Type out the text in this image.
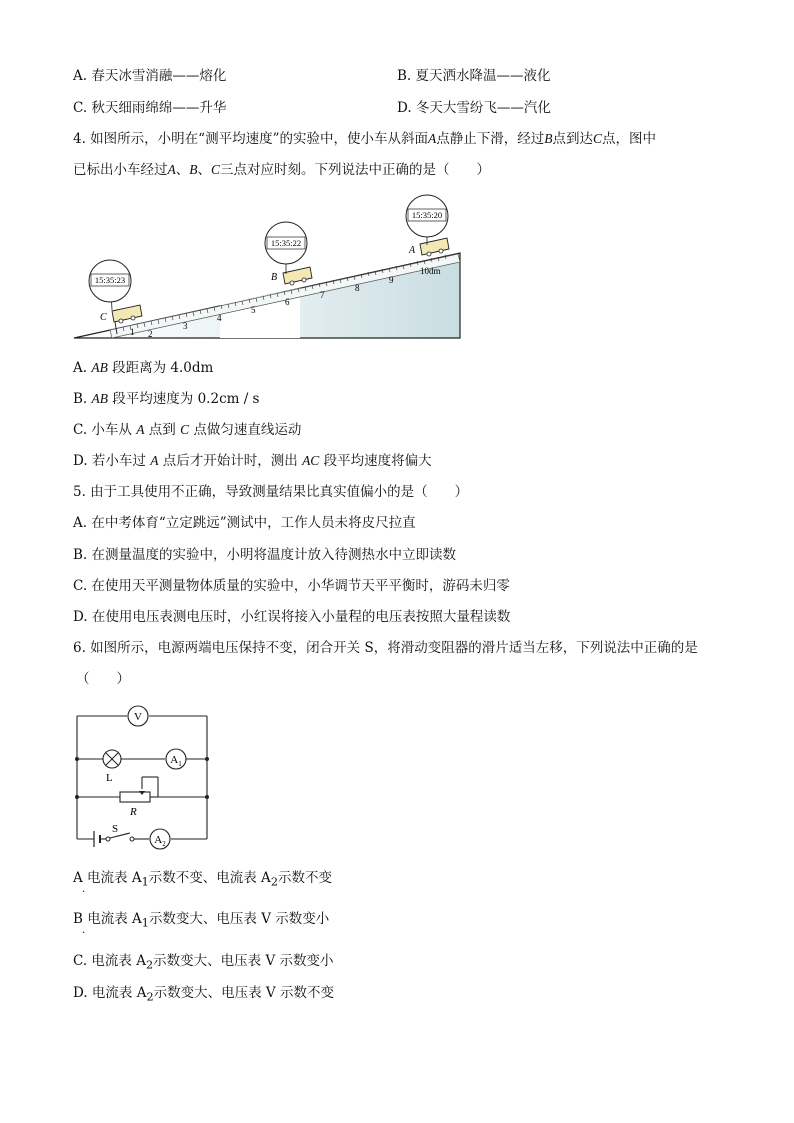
A. 春天冰雪消融——熔化	B. 夏天洒水降温——液化
C. 秋天细雨绵绵——升华	D. 冬天大雪纷飞——汽化
4. 如图所示，小明在“测平均速度”的实验中，使小车从斜面A点静止下滑，经过B点到达C点，图中
已标出小车经过A、B、C三点对应时刻。下列说法中正确的是（　　）
1 2
3
4
5
6
7
8
9
10dm
C
15:35:23	B
15:35:22
A
15:35:20
A. AB 段距离为 4.0dm
B. AB 段平均速度为 0.2cm / s
C. 小车从 A 点到 C 点做匀速直线运动
D. 若小车过 A 点后才开始计时，测出 AC 段平均速度将偏大
5. 由于工具使用不正确，导致测量结果比真实值偏小的是（　　）
A. 在中考体育“立定跳远”测试中，工作人员未将皮尺拉直
B. 在测量温度的实验中，小明将温度计放入待测热水中立即读数
C. 在使用天平测量物体质量的实验中，小华调节天平平衡时，游码未归零
D. 在使用电压表测电压时，小红误将接入小量程的电压表按照大量程读数
6. 如图所示，电源两端电压保持不变，闭合开关 S，将滑动变阻器的滑片适当左移，下列说法中正确的是
（　　）
V
L
$A_1$
R
S
$A_2$
A 电流表 $A_1$示数不变、电流表 $A_2$示数不变
·
B 电流表 $A_1$示数变大、电压表 V 示数变小
·
C. 电流表 $A_2$示数变大、电压表 V 示数变小
D. 电流表 $A_2$示数变大、电压表 V 示数不变
